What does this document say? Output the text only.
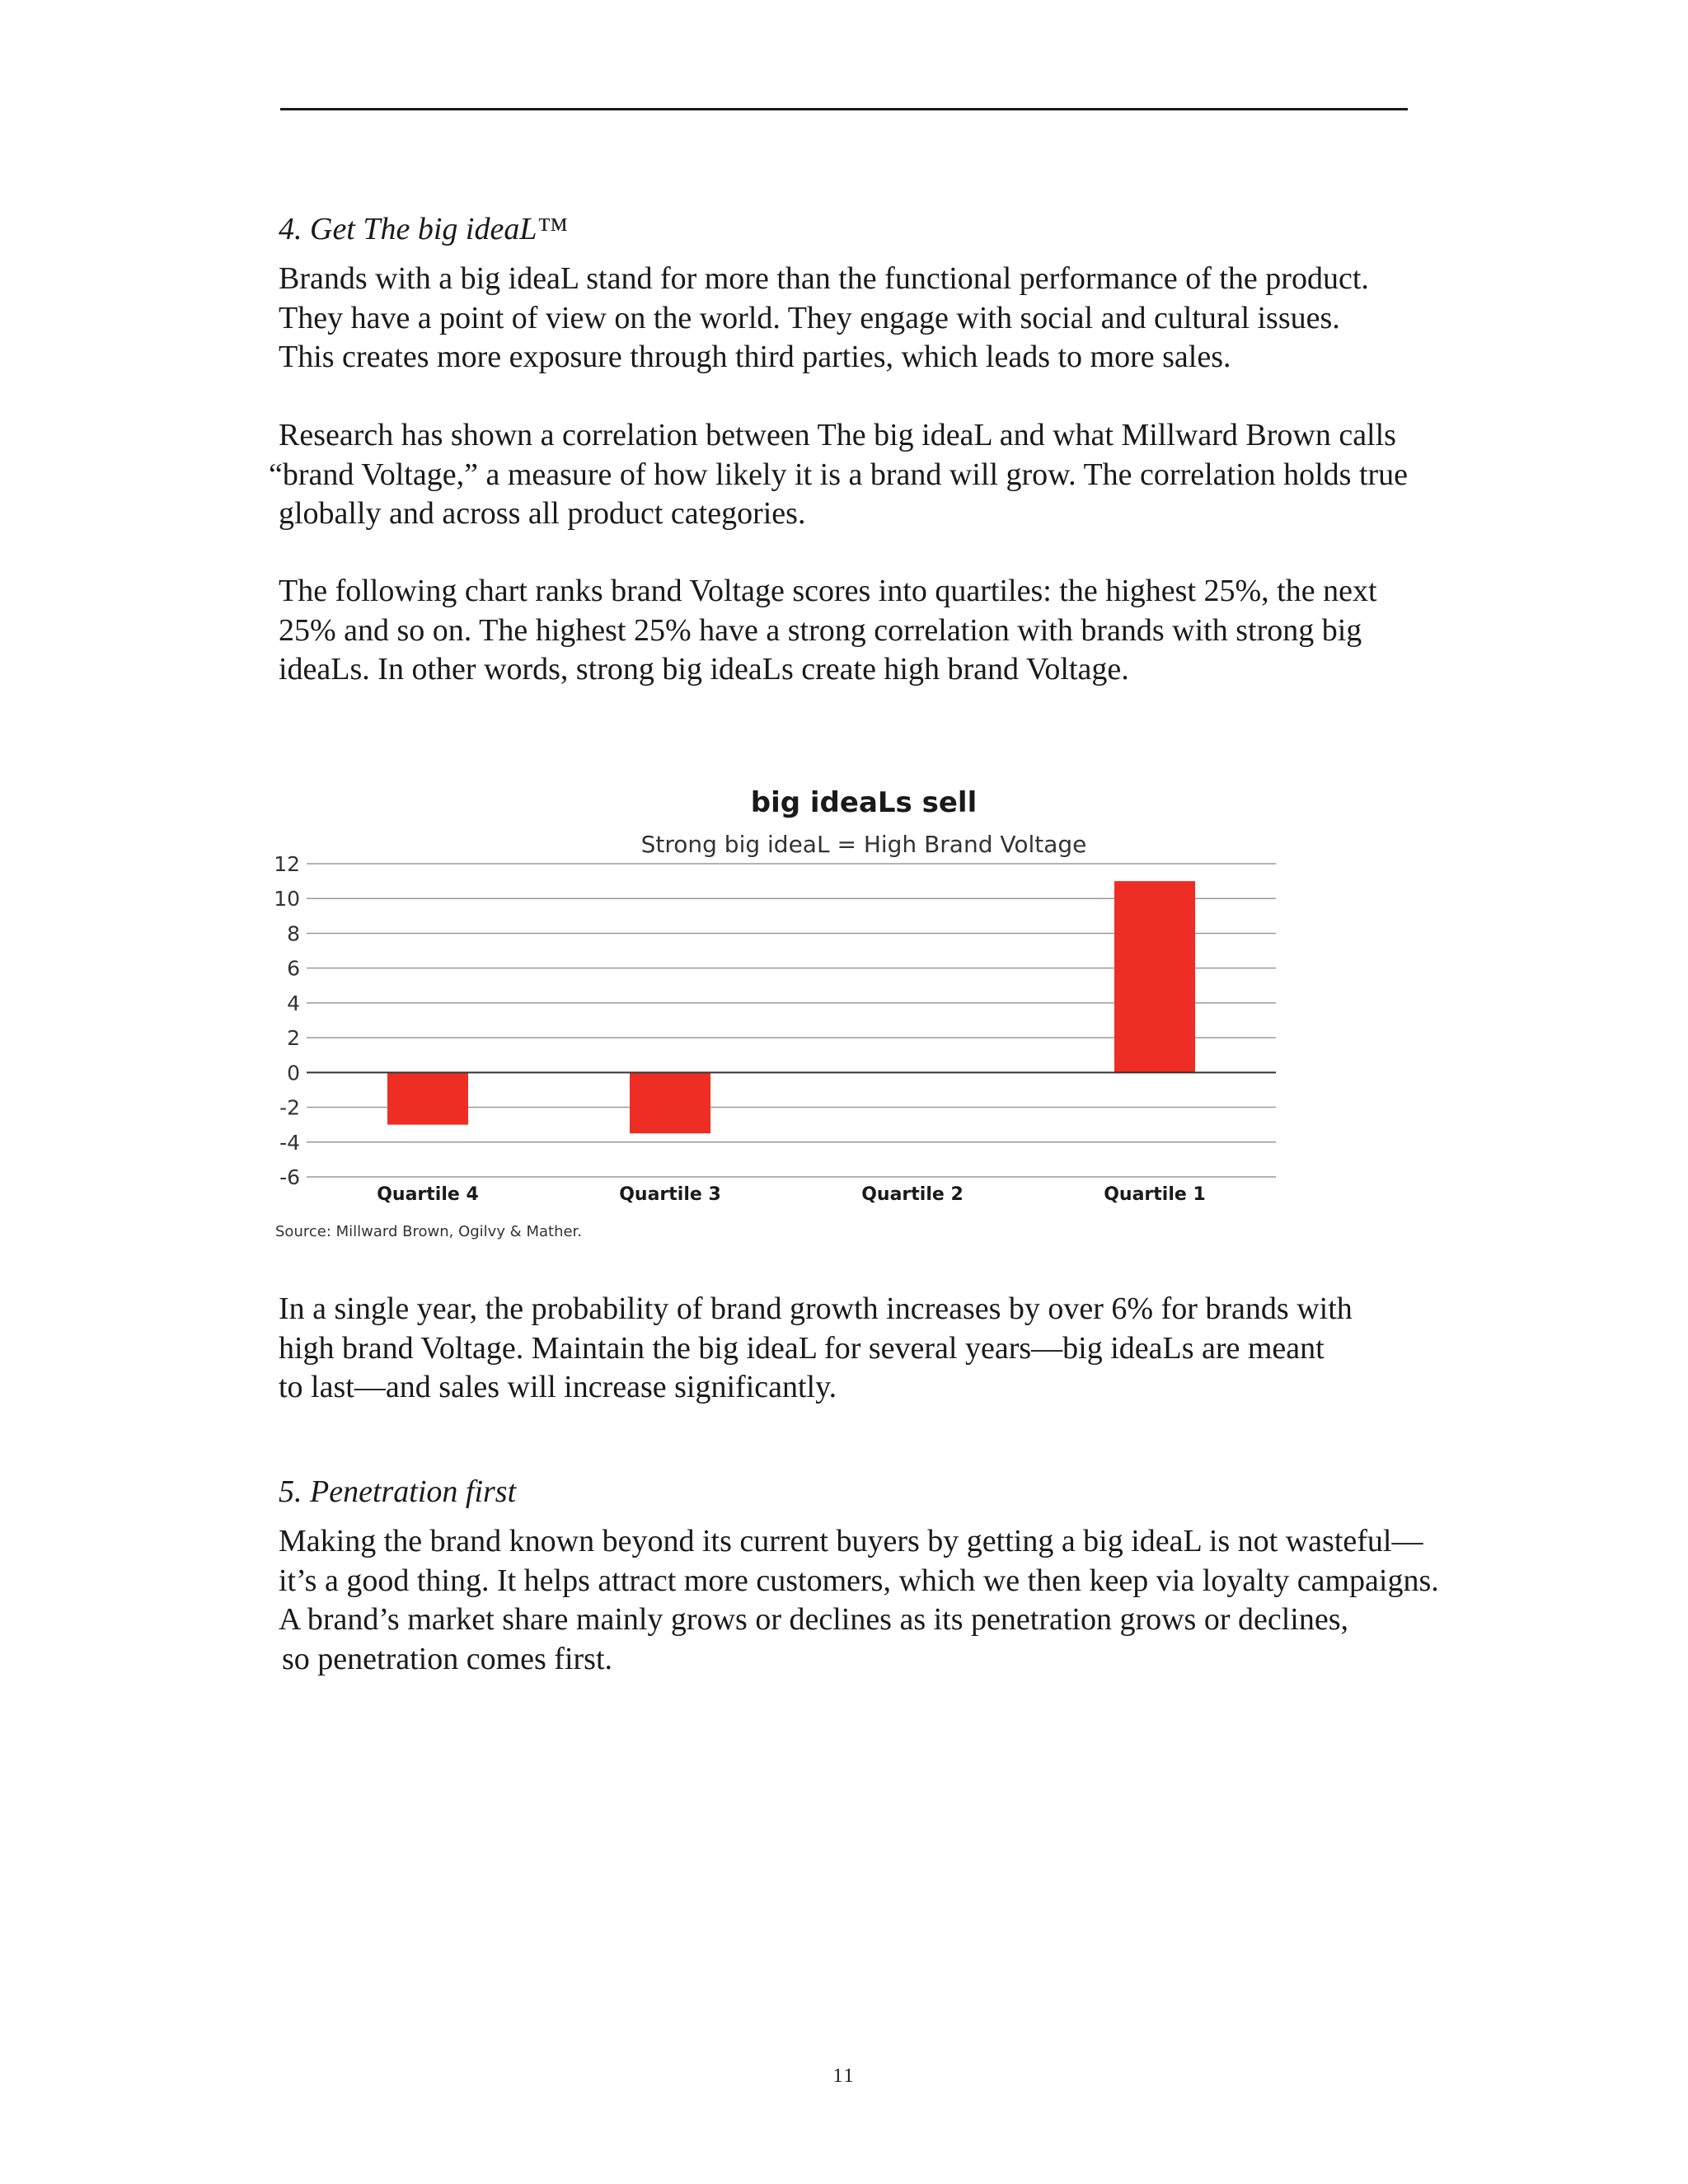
4. Get The big ideaL™

Brands with a big ideaL stand for more than the functional performance of the product.
They have a point of view on the world. They engage with social and cultural issues.
This creates more exposure through third parties, which leads to more sales.

Research has shown a correlation between The big ideaL and what Millward Brown calls
“brand Voltage,” a measure of how likely it is a brand will grow. The correlation holds true
globally and across all product categories.

The following chart ranks brand Voltage scores into quartiles: the highest 25%, the next
25% and so on. The highest 25% have a strong correlation with brands with strong big
ideaLs. In other words, strong big ideaLs create high brand Voltage.

big ideaLs sell
Strong big ideaL = High Brand Voltage
12
10
8
6
4
2
0
-2
-4
-6
Quartile 4	Quartile 3	Quartile 2	Quartile 1
Source: Millward Brown, Ogilvy & Mather.

In a single year, the probability of brand growth increases by over 6% for brands with
high brand Voltage. Maintain the big ideaL for several years—big ideaLs are meant
to last—and sales will increase significantly.

5. Penetration first

Making the brand known beyond its current buyers by getting a big ideaL is not wasteful—
it’s a good thing. It helps attract more customers, which we then keep via loyalty campaigns.
A brand’s market share mainly grows or declines as its penetration grows or declines,
so penetration comes first.

11
